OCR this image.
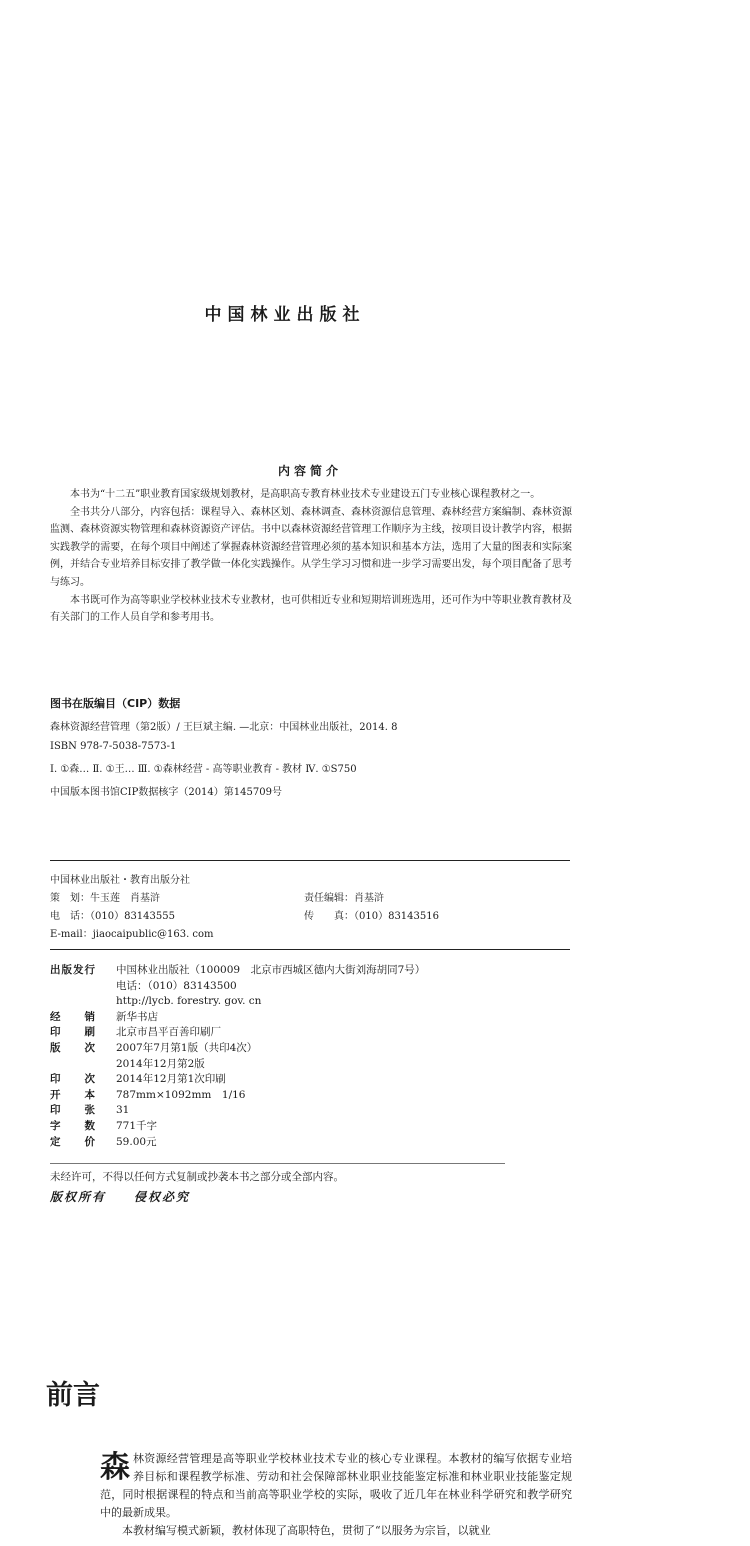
中国林业出版社
内容简介

本书为“十二五”职业教育国家级规划教材，是高职高专教育林业技术专业建设五门专业核心课程教材之一。

全书共分八部分，内容包括：课程导入、森林区划、森林调查、森林资源信息管理、森林经营方案编制、森林资源监测、森林资源实物管理和森林资源资产评估。书中以森林资源经营管理工作顺序为主线，按项目设计教学内容，根据实践教学的需要，在每个项目中阐述了掌握森林资源经营管理必须的基本知识和基本方法，选用了大量的图表和实际案例，并结合专业培养目标安排了教学做一体化实践操作。从学生学习习惯和进一步学习需要出发，每个项目配备了思考与练习。

本书既可作为高等职业学校林业技术专业教材，也可供相近专业和短期培训班选用，还可作为中等职业教育教材及有关部门的工作人员自学和参考用书。

图书在版编目（CIP）数据
森林资源经营管理（第2版）/ 王巨斌主编. —北京：中国林业出版社，2014. 8
ISBN 978-7-5038-7573-1
Ⅰ. ①森… Ⅱ. ①王… Ⅲ. ①森林经营 - 高等职业教育 - 教材 Ⅳ. ①S750
中国版本图书馆CIP数据核字（2014）第145709号
中国林业出版社・教育出版分社
策　划：牛玉莲　肖基浒	责任编辑：肖基浒
电　话：（010）83143555	传　　真：（010）83143516
E-mail：jiaocaipublic@163. com
出版发行	中国林业出版社（100009　北京市西城区德内大街刘海胡同7号）
电话：（010）83143500
http://lycb. forestry. gov. cn
经　　销	新华书店
印　　刷	北京市昌平百善印刷厂
版　　次	2007年7月第1版（共印4次）
2014年12月第2版
印　　次	2014年12月第1次印刷
开　　本	787mm×1092mm　1/16
印　　张	31
字　　数	771千字
定　　价	59.00元
未经许可，不得以任何方式复制或抄袭本书之部分或全部内容。
版权所有　　侵权必究
前言
森 林资源经营管理是高等职业学校林业技术专业的核心专业课程。本教材的编写依据专业培养目标和课程教学标准、劳动和社会保障部林业职业技能鉴定标准和林业职业技能鉴定规范，同时根据课程的特点和当前高等职业学校的实际，吸收了近几年在林业科学研究和教学研究中的最新成果。

本教材编写模式新颖，教材体现了高职特色，贯彻了“以服务为宗旨，以就业
